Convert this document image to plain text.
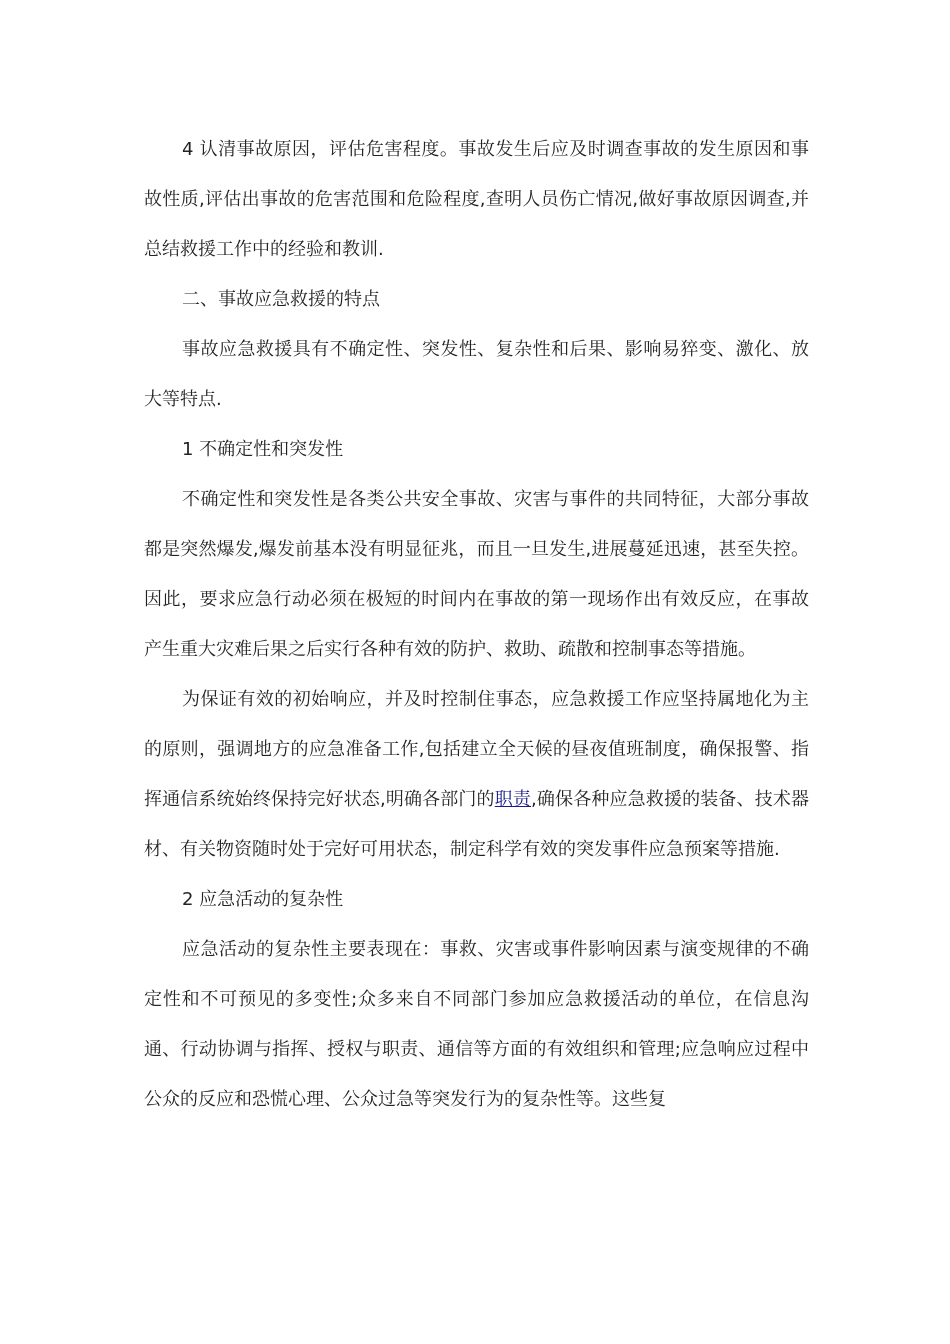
4 认清事故原因，评估危害程度。事故发生后应及时调查事故的发生原因和事故性质,评估出事故的危害范围和危险程度,查明人员伤亡情况,做好事故原因调查,并总结救援工作中的经验和教训.

二、事故应急救援的特点

事故应急救援具有不确定性、突发性、复杂性和后果、影响易猝变、激化、放大等特点.

1 不确定性和突发性

不确定性和突发性是各类公共安全事故、灾害与事件的共同特征，大部分事故都是突然爆发,爆发前基本没有明显征兆，而且一旦发生,进展蔓延迅速，甚至失控。因此，要求应急行动必须在极短的时间内在事故的第一现场作出有效反应，在事故产生重大灾难后果之后实行各种有效的防护、救助、疏散和控制事态等措施。

为保证有效的初始响应，并及时控制住事态，应急救援工作应坚持属地化为主的原则，强调地方的应急准备工作,包括建立全天候的昼夜值班制度，确保报警、指挥通信系统始终保持完好状态,明确各部门的职责,确保各种应急救援的装备、技术器材、有关物资随时处于完好可用状态，制定科学有效的突发事件应急预案等措施.

2 应急活动的复杂性

应急活动的复杂性主要表现在：事救、灾害或事件影响因素与演变规律的不确定性和不可预见的多变性;众多来自不同部门参加应急救援活动的单位，在信息沟通、行动协调与指挥、授权与职责、通信等方面的有效组织和管理;应急响应过程中公众的反应和恐慌心理、公众过急等突发行为的复杂性等。这些复
